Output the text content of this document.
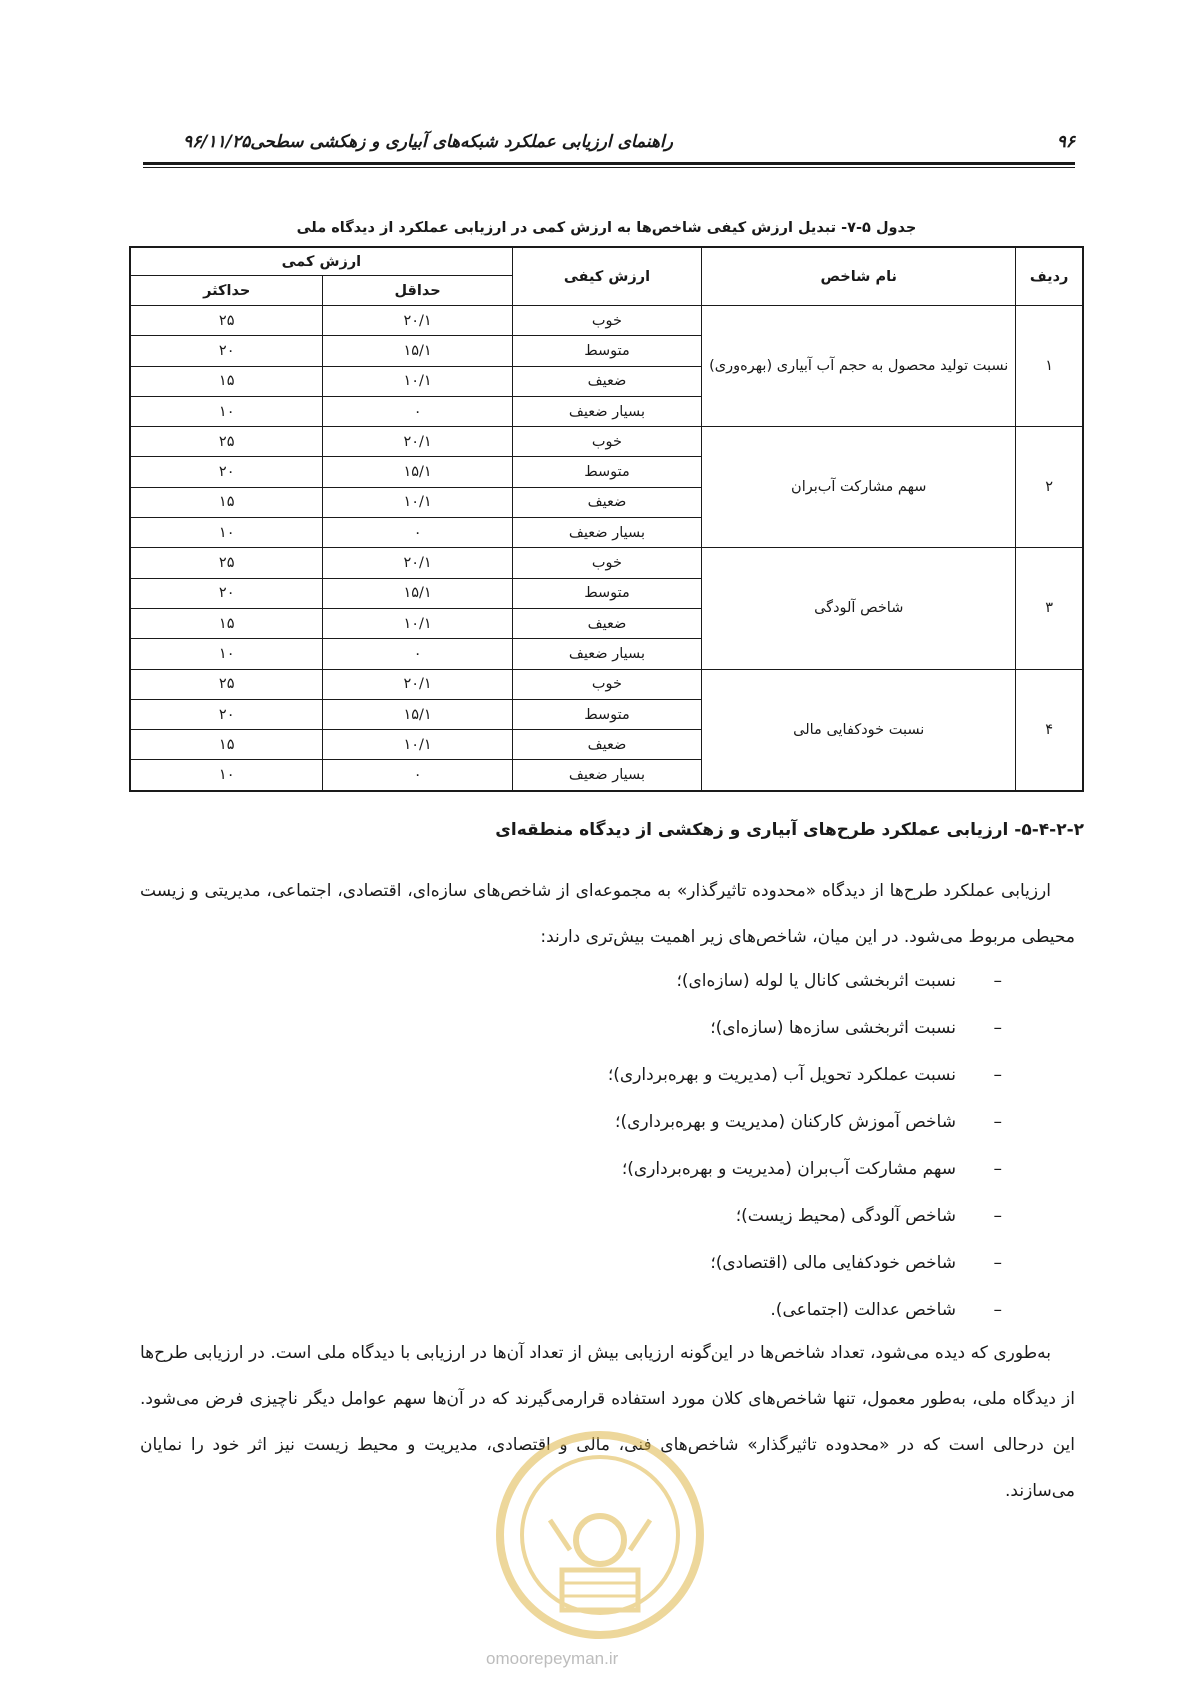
۹۶
راهنمای ارزیابی عملکرد شبکه‌های آبیاری و زهکشی سطحی۹۶/۱۱/۲۵
جدول ۵-۷- تبدیل ارزش کیفی شاخص‌ها به ارزش کمی در ارزیابی عملکرد از دیدگاه ملی
ردیف	نام شاخص	ارزش کیفی	ارزش کمی	
			حداقل	حداکثر
۱	نسبت تولید محصول به حجم آب آبیاری (بهره‌وری)	خوب	۲۰/۱	۲۵
		متوسط	۱۵/۱	۲۰
		ضعیف	۱۰/۱	۱۵
		بسیار ضعیف	۰	۱۰
۲	سهم مشارکت آب‌بران	خوب	۲۰/۱	۲۵
		متوسط	۱۵/۱	۲۰
		ضعیف	۱۰/۱	۱۵
		بسیار ضعیف	۰	۱۰
۳	شاخص آلودگی	خوب	۲۰/۱	۲۵
		متوسط	۱۵/۱	۲۰
		ضعیف	۱۰/۱	۱۵
		بسیار ضعیف	۰	۱۰
۴	نسبت خودکفایی مالی	خوب	۲۰/۱	۲۵
		متوسط	۱۵/۱	۲۰
		ضعیف	۱۰/۱	۱۵
		بسیار ضعیف	۰	۱۰
۵-۴-۲-۲- ارزیابی عملکرد طرح‌های آبیاری و زهکشی از دیدگاه منطقه‌ای
ارزیابی عملکرد طرح‌ها از دیدگاه «محدوده تاثیرگذار» به مجموعه‌ای از شاخص‌های سازه‌ای، اقتصادی، اجتماعی، مدیریتی و زیست محیطی مربوط می‌شود. در این میان، شاخص‌های زیر اهمیت بیش‌تری دارند:
–
نسبت اثربخشی کانال یا لوله (سازه‌ای)؛
–
نسبت اثربخشی سازه‌ها (سازه‌ای)؛
–
نسبت عملکرد تحویل آب (مدیریت و بهره‌برداری)؛
–
شاخص آموزش کارکنان (مدیریت و بهره‌برداری)؛
–
سهم مشارکت آب‌بران (مدیریت و بهره‌برداری)؛
–
شاخص آلودگی (محیط زیست)؛
–
شاخص خودکفایی مالی (اقتصادی)؛
–
شاخص عدالت (اجتماعی).
به‌طوری که دیده می‌شود، تعداد شاخص‌ها در این‌گونه ارزیابی بیش از تعداد آن‌ها در ارزیابی با دیدگاه ملی است. در ارزیابی طرح‌ها از دیدگاه ملی، به‌طور معمول، تنها شاخص‌های کلان مورد استفاده قرارمی‌گیرند که در آن‌ها سهم عوامل دیگر ناچیزی فرض می‌شود. این درحالی است که در «محدوده تاثیرگذار» شاخص‌های فنی، مالی و اقتصادی، مدیریت و محیط زیست نیز اثر خود را نمایان می‌سازند.
omoorepeyman.ir
